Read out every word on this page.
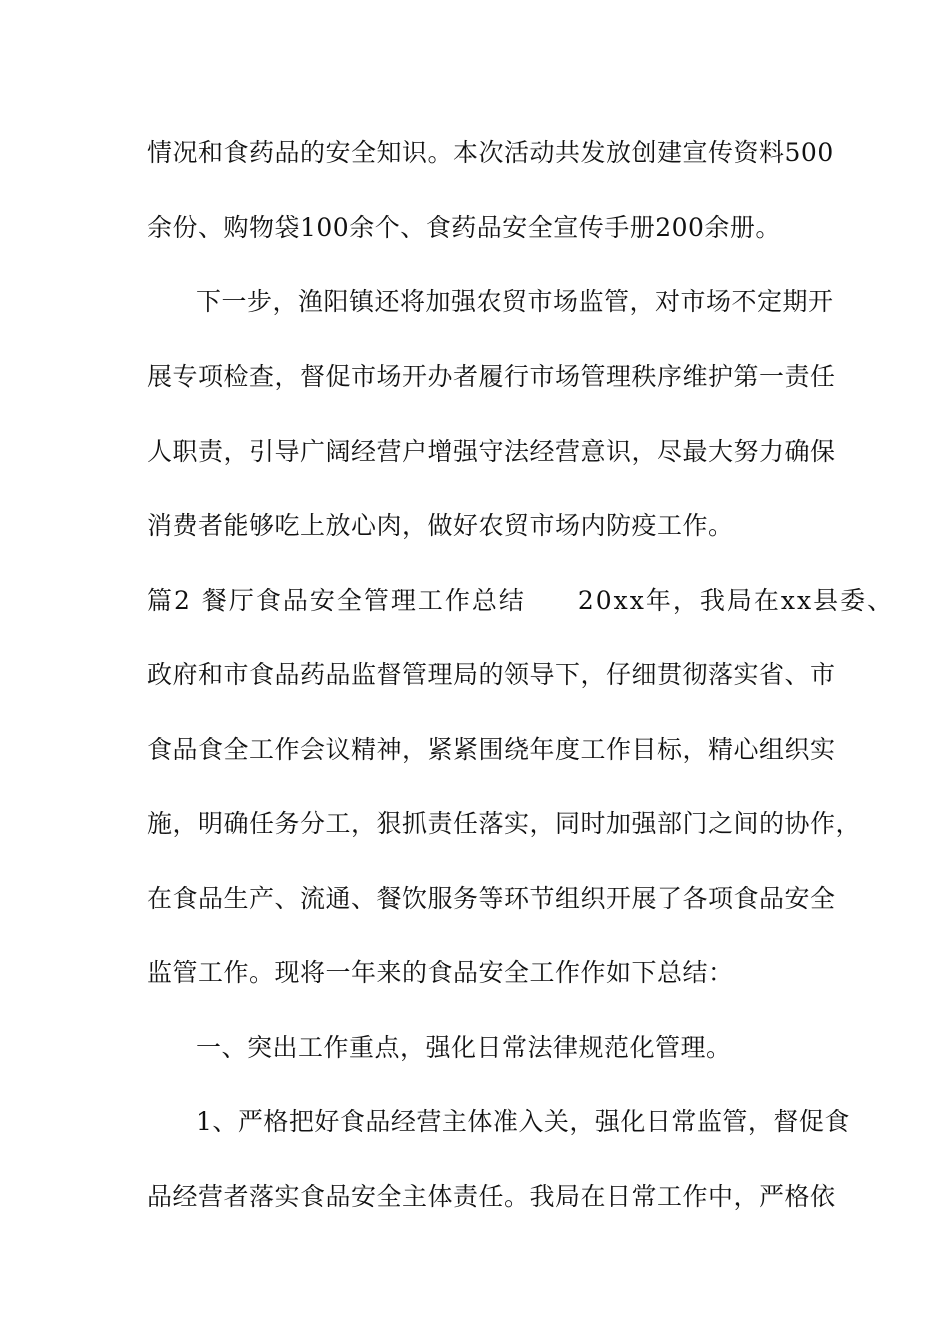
情况和食药品的安全知识。本次活动共发放创建宣传资料500
余份、购物袋100余个、食药品安全宣传手册200余册。
下一步，渔阳镇还将加强农贸市场监管，对市场不定期开
展专项检查，督促市场开办者履行市场管理秩序维护第一责任
人职责，引导广阔经营户增强守法经营意识，尽最大努力确保
消费者能够吃上放心肉，做好农贸市场内防疫工作。
篇2 餐厅食品安全管理工作总结 20xx年，我局在xx县委、
政府和市食品药品监督管理局的领导下，仔细贯彻落实省、市
食品食全工作会议精神，紧紧围绕年度工作目标，精心组织实
施，明确任务分工，狠抓责任落实，同时加强部门之间的协作，
在食品生产、流通、餐饮服务等环节组织开展了各项食品安全
监管工作。现将一年来的食品安全工作作如下总结：
一、突出工作重点，强化日常法律规范化管理。
1、严格把好食品经营主体准入关，强化日常监管，督促食
品经营者落实食品安全主体责任。我局在日常工作中，严格依
